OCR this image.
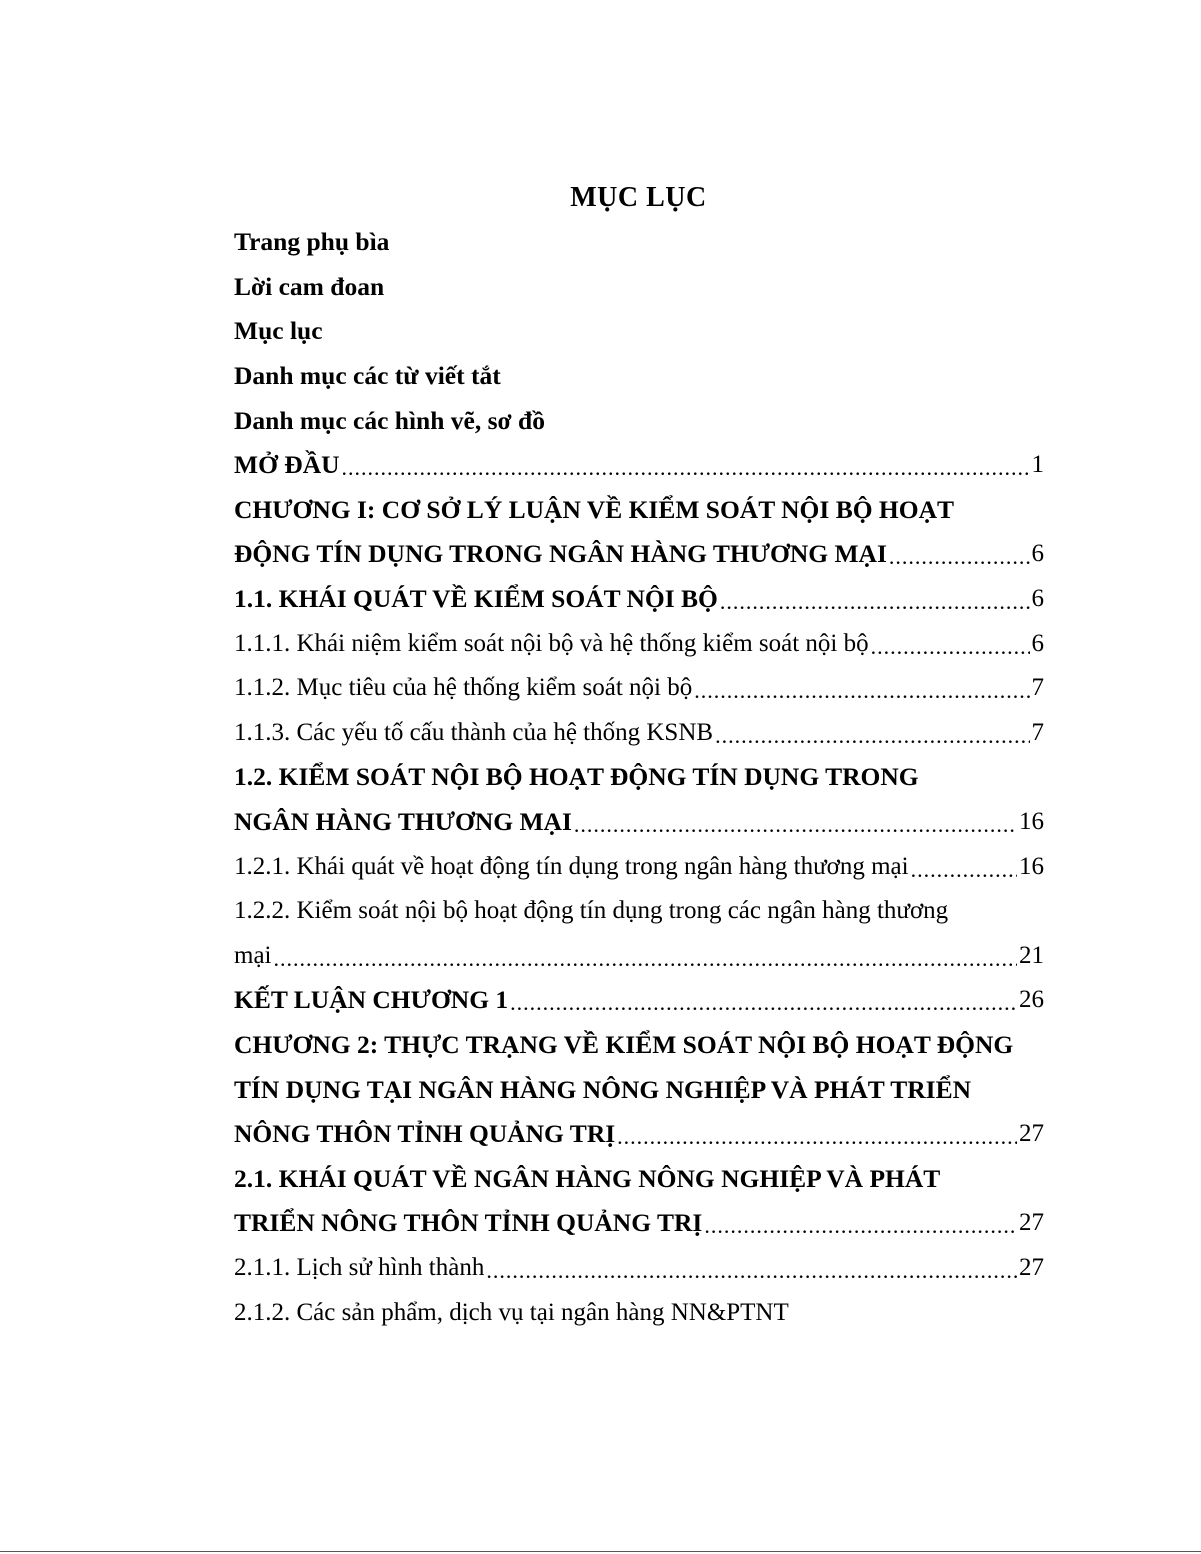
MỤC LỤC
Trang phụ bìa
Lời cam đoan
Mục lục
Danh mục các từ viết tắt
Danh mục các hình vẽ, sơ đồ
MỞ ĐẦU .....	1
CHƯƠNG I: CƠ SỞ LÝ LUẬN VỀ KIỂM SOÁT NỘI BỘ HOẠT
ĐỘNG TÍN DỤNG TRONG NGÂN HÀNG THƯƠNG MẠI .....	6
1.1. KHÁI QUÁT VỀ KIỂM SOÁT NỘI BỘ .....	6
1.1.1. Khái niệm kiểm soát nội bộ và hệ thống kiểm soát nội bộ .....	6
1.1.2. Mục tiêu của hệ thống kiểm soát nội bộ .....	7
1.1.3. Các yếu tố cấu thành của hệ thống KSNB .....	7
1.2. KIỂM SOÁT NỘI BỘ HOẠT ĐỘNG TÍN DỤNG TRONG
NGÂN HÀNG THƯƠNG MẠI .....	16
1.2.1. Khái quát về hoạt động tín dụng trong ngân hàng thương mại .....	16
1.2.2. Kiểm soát nội bộ hoạt động tín dụng trong các ngân hàng thương
mại .....	21
KẾT LUẬN CHƯƠNG 1 .....	26
CHƯƠNG 2: THỰC TRẠNG VỀ KIỂM SOÁT NỘI BỘ HOẠT ĐỘNG
TÍN DỤNG TẠI NGÂN HÀNG NÔNG NGHIỆP VÀ PHÁT TRIỂN
NÔNG THÔN TỈNH QUẢNG TRỊ .....	27
2.1. KHÁI QUÁT VỀ NGÂN HÀNG NÔNG NGHIỆP VÀ PHÁT
TRIỂN NÔNG THÔN TỈNH QUẢNG TRỊ .....	27
2.1.1. Lịch sử hình thành .....	27
2.1.2. Các sản phẩm, dịch vụ tại ngân hàng NN&PTNT
